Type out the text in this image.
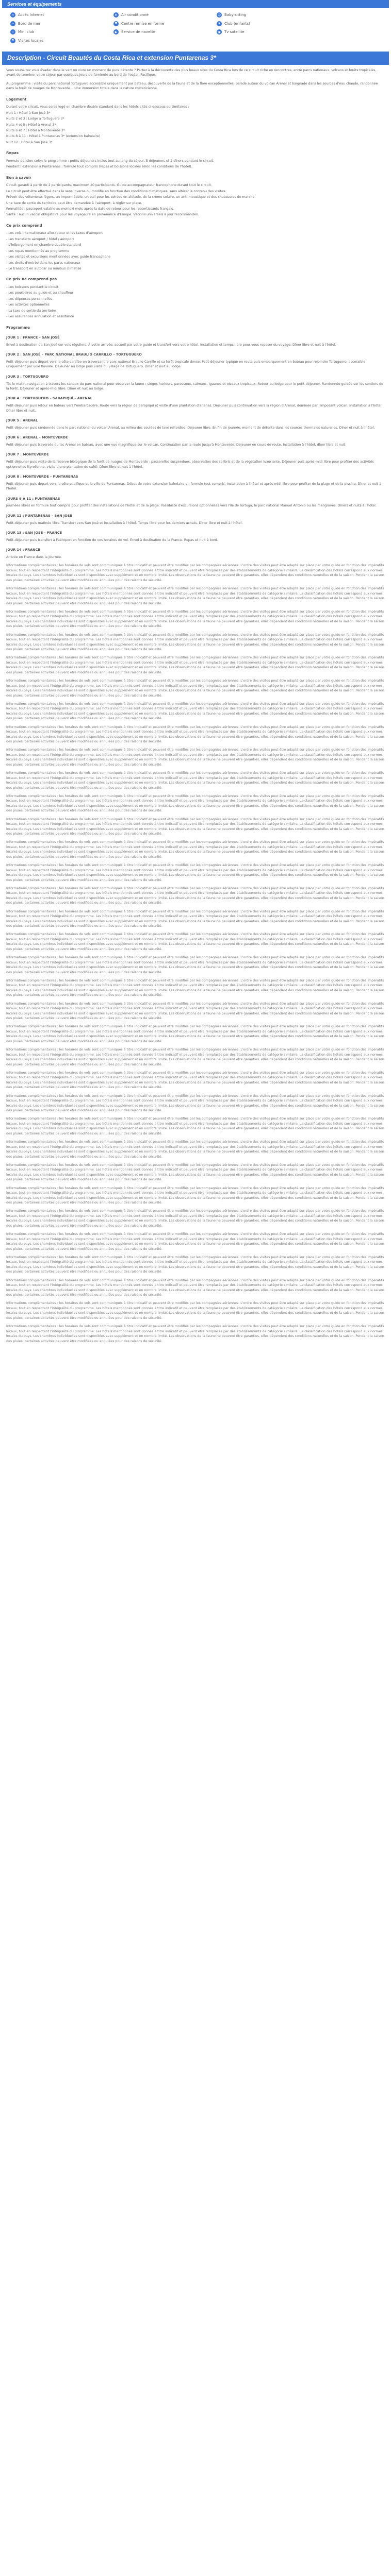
Services et équipements
≈	Accès Internet	❄	Air conditionné	☺ Baby-sitting
∼	Bord de mer	♥	Centre remise en forme	★	Club (enfants)
☆	Mini club	▶	Service de navette	▣	Tv satellite
⚑	Visites locales
Description - Circuit Beautés du Costa Rica et extension Puntarenas 3*

Vous souhaitez vous évader dans le vert ou vivre un moment de pure détente ? Partez à la découverte des plus beaux sites du Costa Rica lors de ce circuit riche en rencontres, entre parcs nationaux, volcans et forêts tropicales, avant de terminer votre séjour par quelques jours de farniente au bord de l'océan Pacifique.

Au programme : visite du parc national Tortuguero accessible uniquement par bateau, découverte de la faune et de la flore exceptionnelles, balade autour du volcan Arenal et baignade dans les sources d'eau chaude, randonnée dans la forêt de nuages de Monteverde… Une immersion totale dans la nature costaricienne.

Logement
Durant votre circuit, vous serez logé en chambre double standard dans les hôtels cités ci-dessous ou similaires :
Nuit 1 : Hôtel à San José 3*
Nuits 2 et 3 : Lodge à Tortuguero 3*
Nuits 4 et 5 : Hôtel à Arenal 3*
Nuits 6 et 7 : Hôtel à Monteverde 3*
Nuits 8 à 11 : Hôtel à Puntarenas 3* (extension balnéaire)
Nuit 12 : Hôtel à San José 3*
Repas
Formule pension selon le programme : petits-déjeuners inclus tout au long du séjour, 5 déjeuners et 2 dîners pendant le circuit.
Pendant l'extension à Puntarenas : formule tout compris (repas et boissons locales selon les conditions de l'hôtel).
Bon à savoir
Circuit garanti à partir de 2 participants, maximum 20 participants. Guide accompagnateur francophone durant tout le circuit.
Le circuit peut être effectué dans le sens inverse ou modifié en fonction des conditions climatiques, sans altérer le contenu des visites.
Prévoir des vêtements légers, un imperméable, un pull pour les soirées en altitude, de la crème solaire, un anti-moustique et des chaussures de marche.
Une taxe de sortie du territoire peut être demandée à l'aéroport, à régler sur place.
Formalités : passeport valable au moins 6 mois après la date de retour pour les ressortissants français.
Santé : aucun vaccin obligatoire pour les voyageurs en provenance d'Europe. Vaccins universels à jour recommandés.
Ce prix comprend
- Les vols internationaux aller-retour et les taxes d'aéroport
- Les transferts aéroport / hôtel / aéroport
- L'hébergement en chambre double standard
- Les repas mentionnés au programme
- Les visites et excursions mentionnées avec guide francophone
- Les droits d'entrée dans les parcs nationaux
- Le transport en autocar ou minibus climatisé
Ce prix ne comprend pas
- Les boissons pendant le circuit
- Les pourboires au guide et au chauffeur
- Les dépenses personnelles
- Les activités optionnelles
- La taxe de sortie du territoire
- Les assurances annulation et assistance
Programme
JOUR 1 : FRANCE – SAN JOSÉ

Envol à destination de San José sur vols réguliers. À votre arrivée, accueil par votre guide et transfert vers votre hôtel. Installation et temps libre pour vous reposer du voyage. Dîner libre et nuit à l'hôtel.

JOUR 2 : SAN JOSÉ – PARC NATIONAL BRAULIO CARRILLO – TORTUGUERO

Petit-déjeuner puis départ vers la côte caraïbe en traversant le parc national Braulio Carrillo et sa forêt tropicale dense. Petit-déjeuner typique en route puis embarquement en bateau pour rejoindre Tortuguero, accessible uniquement par voie fluviale. Déjeuner au lodge puis visite du village de Tortuguero. Dîner et nuit au lodge.

JOUR 3 : TORTUGUERO

Tôt le matin, navigation à travers les canaux du parc national pour observer la faune : singes hurleurs, paresseux, caïmans, iguanes et oiseaux tropicaux. Retour au lodge pour le petit-déjeuner. Randonnée guidée sur les sentiers de la forêt. Déjeuner et après-midi libre. Dîner et nuit au lodge.

JOUR 4 : TORTUGUERO – SARAPIQUÍ – ARENAL

Petit-déjeuner puis retour en bateau vers l'embarcadère. Route vers la région de Sarapiquí et visite d'une plantation d'ananas. Déjeuner puis continuation vers la région d'Arenal, dominée par l'imposant volcan. Installation à l'hôtel. Dîner libre et nuit.

JOUR 5 : ARENAL

Petit-déjeuner puis randonnée dans le parc national du volcan Arenal, au milieu des coulées de lave refroidies. Déjeuner libre. En fin de journée, moment de détente dans les sources thermales naturelles. Dîner et nuit à l'hôtel.

JOUR 6 : ARENAL – MONTEVERDE

Petit-déjeuner puis traversée du lac Arenal en bateau, avec une vue magnifique sur le volcan. Continuation par la route jusqu'à Monteverde. Déjeuner en cours de route. Installation à l'hôtel, dîner libre et nuit.

JOUR 7 : MONTEVERDE

Petit-déjeuner puis visite de la réserve biologique de la forêt de nuages de Monteverde : passerelles suspendues, observation des colibris et de la végétation luxuriante. Déjeuner puis après-midi libre pour profiter des activités optionnelles (tyrolienne, visite d'une plantation de café). Dîner libre et nuit à l'hôtel.

JOUR 8 : MONTEVERDE – PUNTARENAS

Petit-déjeuner puis départ vers la côte pacifique et la ville de Puntarenas. Début de votre extension balnéaire en formule tout compris. Installation à l'hôtel et après-midi libre pour profiter de la plage et de la piscine. Dîner et nuit à l'hôtel.

JOURS 9 À 11 : PUNTARENAS

Journées libres en formule tout compris pour profiter des installations de l'hôtel et de la plage. Possibilité d'excursions optionnelles vers l'île de Tortuga, le parc national Manuel Antonio ou les mangroves. Dîners et nuits à l'hôtel.

JOUR 12 : PUNTARENAS – SAN JOSÉ

Petit-déjeuner puis matinée libre. Transfert vers San José et installation à l'hôtel. Temps libre pour les derniers achats. Dîner libre et nuit à l'hôtel.

JOUR 13 : SAN JOSÉ – FRANCE

Petit-déjeuner puis transfert à l'aéroport en fonction de vos horaires de vol. Envol à destination de la France. Repas et nuit à bord.

JOUR 14 : FRANCE

Arrivée en France dans la journée.

Informations complémentaires : les horaires de vols sont communiqués à titre indicatif et peuvent être modifiés par les compagnies aériennes. L'ordre des visites peut être adapté sur place par votre guide en fonction des impératifs locaux, tout en respectant l'intégralité du programme. Les hôtels mentionnés sont donnés à titre indicatif et peuvent être remplacés par des établissements de catégorie similaire. La classification des hôtels correspond aux normes locales du pays. Les chambres individuelles sont disponibles avec supplément et en nombre limité. Les observations de la faune ne peuvent être garanties, elles dépendent des conditions naturelles et de la saison. Pendant la saison des pluies, certaines activités peuvent être modifiées ou annulées pour des raisons de sécurité.

Informations complémentaires : les horaires de vols sont communiqués à titre indicatif et peuvent être modifiés par les compagnies aériennes. L'ordre des visites peut être adapté sur place par votre guide en fonction des impératifs locaux, tout en respectant l'intégralité du programme. Les hôtels mentionnés sont donnés à titre indicatif et peuvent être remplacés par des établissements de catégorie similaire. La classification des hôtels correspond aux normes locales du pays. Les chambres individuelles sont disponibles avec supplément et en nombre limité. Les observations de la faune ne peuvent être garanties, elles dépendent des conditions naturelles et de la saison. Pendant la saison des pluies, certaines activités peuvent être modifiées ou annulées pour des raisons de sécurité.

Informations complémentaires : les horaires de vols sont communiqués à titre indicatif et peuvent être modifiés par les compagnies aériennes. L'ordre des visites peut être adapté sur place par votre guide en fonction des impératifs locaux, tout en respectant l'intégralité du programme. Les hôtels mentionnés sont donnés à titre indicatif et peuvent être remplacés par des établissements de catégorie similaire. La classification des hôtels correspond aux normes locales du pays. Les chambres individuelles sont disponibles avec supplément et en nombre limité. Les observations de la faune ne peuvent être garanties, elles dépendent des conditions naturelles et de la saison. Pendant la saison des pluies, certaines activités peuvent être modifiées ou annulées pour des raisons de sécurité.

Informations complémentaires : les horaires de vols sont communiqués à titre indicatif et peuvent être modifiés par les compagnies aériennes. L'ordre des visites peut être adapté sur place par votre guide en fonction des impératifs locaux, tout en respectant l'intégralité du programme. Les hôtels mentionnés sont donnés à titre indicatif et peuvent être remplacés par des établissements de catégorie similaire. La classification des hôtels correspond aux normes locales du pays. Les chambres individuelles sont disponibles avec supplément et en nombre limité. Les observations de la faune ne peuvent être garanties, elles dépendent des conditions naturelles et de la saison. Pendant la saison des pluies, certaines activités peuvent être modifiées ou annulées pour des raisons de sécurité.

Informations complémentaires : les horaires de vols sont communiqués à titre indicatif et peuvent être modifiés par les compagnies aériennes. L'ordre des visites peut être adapté sur place par votre guide en fonction des impératifs locaux, tout en respectant l'intégralité du programme. Les hôtels mentionnés sont donnés à titre indicatif et peuvent être remplacés par des établissements de catégorie similaire. La classification des hôtels correspond aux normes locales du pays. Les chambres individuelles sont disponibles avec supplément et en nombre limité. Les observations de la faune ne peuvent être garanties, elles dépendent des conditions naturelles et de la saison. Pendant la saison des pluies, certaines activités peuvent être modifiées ou annulées pour des raisons de sécurité.

Informations complémentaires : les horaires de vols sont communiqués à titre indicatif et peuvent être modifiés par les compagnies aériennes. L'ordre des visites peut être adapté sur place par votre guide en fonction des impératifs locaux, tout en respectant l'intégralité du programme. Les hôtels mentionnés sont donnés à titre indicatif et peuvent être remplacés par des établissements de catégorie similaire. La classification des hôtels correspond aux normes locales du pays. Les chambres individuelles sont disponibles avec supplément et en nombre limité. Les observations de la faune ne peuvent être garanties, elles dépendent des conditions naturelles et de la saison. Pendant la saison des pluies, certaines activités peuvent être modifiées ou annulées pour des raisons de sécurité.

Informations complémentaires : les horaires de vols sont communiqués à titre indicatif et peuvent être modifiés par les compagnies aériennes. L'ordre des visites peut être adapté sur place par votre guide en fonction des impératifs locaux, tout en respectant l'intégralité du programme. Les hôtels mentionnés sont donnés à titre indicatif et peuvent être remplacés par des établissements de catégorie similaire. La classification des hôtels correspond aux normes locales du pays. Les chambres individuelles sont disponibles avec supplément et en nombre limité. Les observations de la faune ne peuvent être garanties, elles dépendent des conditions naturelles et de la saison. Pendant la saison des pluies, certaines activités peuvent être modifiées ou annulées pour des raisons de sécurité.

Informations complémentaires : les horaires de vols sont communiqués à titre indicatif et peuvent être modifiés par les compagnies aériennes. L'ordre des visites peut être adapté sur place par votre guide en fonction des impératifs locaux, tout en respectant l'intégralité du programme. Les hôtels mentionnés sont donnés à titre indicatif et peuvent être remplacés par des établissements de catégorie similaire. La classification des hôtels correspond aux normes locales du pays. Les chambres individuelles sont disponibles avec supplément et en nombre limité. Les observations de la faune ne peuvent être garanties, elles dépendent des conditions naturelles et de la saison. Pendant la saison des pluies, certaines activités peuvent être modifiées ou annulées pour des raisons de sécurité.

Informations complémentaires : les horaires de vols sont communiqués à titre indicatif et peuvent être modifiés par les compagnies aériennes. L'ordre des visites peut être adapté sur place par votre guide en fonction des impératifs locaux, tout en respectant l'intégralité du programme. Les hôtels mentionnés sont donnés à titre indicatif et peuvent être remplacés par des établissements de catégorie similaire. La classification des hôtels correspond aux normes locales du pays. Les chambres individuelles sont disponibles avec supplément et en nombre limité. Les observations de la faune ne peuvent être garanties, elles dépendent des conditions naturelles et de la saison. Pendant la saison des pluies, certaines activités peuvent être modifiées ou annulées pour des raisons de sécurité.

Informations complémentaires : les horaires de vols sont communiqués à titre indicatif et peuvent être modifiés par les compagnies aériennes. L'ordre des visites peut être adapté sur place par votre guide en fonction des impératifs locaux, tout en respectant l'intégralité du programme. Les hôtels mentionnés sont donnés à titre indicatif et peuvent être remplacés par des établissements de catégorie similaire. La classification des hôtels correspond aux normes locales du pays. Les chambres individuelles sont disponibles avec supplément et en nombre limité. Les observations de la faune ne peuvent être garanties, elles dépendent des conditions naturelles et de la saison. Pendant la saison des pluies, certaines activités peuvent être modifiées ou annulées pour des raisons de sécurité.

Informations complémentaires : les horaires de vols sont communiqués à titre indicatif et peuvent être modifiés par les compagnies aériennes. L'ordre des visites peut être adapté sur place par votre guide en fonction des impératifs locaux, tout en respectant l'intégralité du programme. Les hôtels mentionnés sont donnés à titre indicatif et peuvent être remplacés par des établissements de catégorie similaire. La classification des hôtels correspond aux normes locales du pays. Les chambres individuelles sont disponibles avec supplément et en nombre limité. Les observations de la faune ne peuvent être garanties, elles dépendent des conditions naturelles et de la saison. Pendant la saison des pluies, certaines activités peuvent être modifiées ou annulées pour des raisons de sécurité.

Informations complémentaires : les horaires de vols sont communiqués à titre indicatif et peuvent être modifiés par les compagnies aériennes. L'ordre des visites peut être adapté sur place par votre guide en fonction des impératifs locaux, tout en respectant l'intégralité du programme. Les hôtels mentionnés sont donnés à titre indicatif et peuvent être remplacés par des établissements de catégorie similaire. La classification des hôtels correspond aux normes locales du pays. Les chambres individuelles sont disponibles avec supplément et en nombre limité. Les observations de la faune ne peuvent être garanties, elles dépendent des conditions naturelles et de la saison. Pendant la saison des pluies, certaines activités peuvent être modifiées ou annulées pour des raisons de sécurité.

Informations complémentaires : les horaires de vols sont communiqués à titre indicatif et peuvent être modifiés par les compagnies aériennes. L'ordre des visites peut être adapté sur place par votre guide en fonction des impératifs locaux, tout en respectant l'intégralité du programme. Les hôtels mentionnés sont donnés à titre indicatif et peuvent être remplacés par des établissements de catégorie similaire. La classification des hôtels correspond aux normes locales du pays. Les chambres individuelles sont disponibles avec supplément et en nombre limité. Les observations de la faune ne peuvent être garanties, elles dépendent des conditions naturelles et de la saison. Pendant la saison des pluies, certaines activités peuvent être modifiées ou annulées pour des raisons de sécurité.

Informations complémentaires : les horaires de vols sont communiqués à titre indicatif et peuvent être modifiés par les compagnies aériennes. L'ordre des visites peut être adapté sur place par votre guide en fonction des impératifs locaux, tout en respectant l'intégralité du programme. Les hôtels mentionnés sont donnés à titre indicatif et peuvent être remplacés par des établissements de catégorie similaire. La classification des hôtels correspond aux normes locales du pays. Les chambres individuelles sont disponibles avec supplément et en nombre limité. Les observations de la faune ne peuvent être garanties, elles dépendent des conditions naturelles et de la saison. Pendant la saison des pluies, certaines activités peuvent être modifiées ou annulées pour des raisons de sécurité.

Informations complémentaires : les horaires de vols sont communiqués à titre indicatif et peuvent être modifiés par les compagnies aériennes. L'ordre des visites peut être adapté sur place par votre guide en fonction des impératifs locaux, tout en respectant l'intégralité du programme. Les hôtels mentionnés sont donnés à titre indicatif et peuvent être remplacés par des établissements de catégorie similaire. La classification des hôtels correspond aux normes locales du pays. Les chambres individuelles sont disponibles avec supplément et en nombre limité. Les observations de la faune ne peuvent être garanties, elles dépendent des conditions naturelles et de la saison. Pendant la saison des pluies, certaines activités peuvent être modifiées ou annulées pour des raisons de sécurité.

Informations complémentaires : les horaires de vols sont communiqués à titre indicatif et peuvent être modifiés par les compagnies aériennes. L'ordre des visites peut être adapté sur place par votre guide en fonction des impératifs locaux, tout en respectant l'intégralité du programme. Les hôtels mentionnés sont donnés à titre indicatif et peuvent être remplacés par des établissements de catégorie similaire. La classification des hôtels correspond aux normes locales du pays. Les chambres individuelles sont disponibles avec supplément et en nombre limité. Les observations de la faune ne peuvent être garanties, elles dépendent des conditions naturelles et de la saison. Pendant la saison des pluies, certaines activités peuvent être modifiées ou annulées pour des raisons de sécurité.

Informations complémentaires : les horaires de vols sont communiqués à titre indicatif et peuvent être modifiés par les compagnies aériennes. L'ordre des visites peut être adapté sur place par votre guide en fonction des impératifs locaux, tout en respectant l'intégralité du programme. Les hôtels mentionnés sont donnés à titre indicatif et peuvent être remplacés par des établissements de catégorie similaire. La classification des hôtels correspond aux normes locales du pays. Les chambres individuelles sont disponibles avec supplément et en nombre limité. Les observations de la faune ne peuvent être garanties, elles dépendent des conditions naturelles et de la saison. Pendant la saison des pluies, certaines activités peuvent être modifiées ou annulées pour des raisons de sécurité.

Informations complémentaires : les horaires de vols sont communiqués à titre indicatif et peuvent être modifiés par les compagnies aériennes. L'ordre des visites peut être adapté sur place par votre guide en fonction des impératifs locaux, tout en respectant l'intégralité du programme. Les hôtels mentionnés sont donnés à titre indicatif et peuvent être remplacés par des établissements de catégorie similaire. La classification des hôtels correspond aux normes locales du pays. Les chambres individuelles sont disponibles avec supplément et en nombre limité. Les observations de la faune ne peuvent être garanties, elles dépendent des conditions naturelles et de la saison. Pendant la saison des pluies, certaines activités peuvent être modifiées ou annulées pour des raisons de sécurité.

Informations complémentaires : les horaires de vols sont communiqués à titre indicatif et peuvent être modifiés par les compagnies aériennes. L'ordre des visites peut être adapté sur place par votre guide en fonction des impératifs locaux, tout en respectant l'intégralité du programme. Les hôtels mentionnés sont donnés à titre indicatif et peuvent être remplacés par des établissements de catégorie similaire. La classification des hôtels correspond aux normes locales du pays. Les chambres individuelles sont disponibles avec supplément et en nombre limité. Les observations de la faune ne peuvent être garanties, elles dépendent des conditions naturelles et de la saison. Pendant la saison des pluies, certaines activités peuvent être modifiées ou annulées pour des raisons de sécurité.

Informations complémentaires : les horaires de vols sont communiqués à titre indicatif et peuvent être modifiés par les compagnies aériennes. L'ordre des visites peut être adapté sur place par votre guide en fonction des impératifs locaux, tout en respectant l'intégralité du programme. Les hôtels mentionnés sont donnés à titre indicatif et peuvent être remplacés par des établissements de catégorie similaire. La classification des hôtels correspond aux normes locales du pays. Les chambres individuelles sont disponibles avec supplément et en nombre limité. Les observations de la faune ne peuvent être garanties, elles dépendent des conditions naturelles et de la saison. Pendant la saison des pluies, certaines activités peuvent être modifiées ou annulées pour des raisons de sécurité.

Informations complémentaires : les horaires de vols sont communiqués à titre indicatif et peuvent être modifiés par les compagnies aériennes. L'ordre des visites peut être adapté sur place par votre guide en fonction des impératifs locaux, tout en respectant l'intégralité du programme. Les hôtels mentionnés sont donnés à titre indicatif et peuvent être remplacés par des établissements de catégorie similaire. La classification des hôtels correspond aux normes locales du pays. Les chambres individuelles sont disponibles avec supplément et en nombre limité. Les observations de la faune ne peuvent être garanties, elles dépendent des conditions naturelles et de la saison. Pendant la saison des pluies, certaines activités peuvent être modifiées ou annulées pour des raisons de sécurité.

Informations complémentaires : les horaires de vols sont communiqués à titre indicatif et peuvent être modifiés par les compagnies aériennes. L'ordre des visites peut être adapté sur place par votre guide en fonction des impératifs locaux, tout en respectant l'intégralité du programme. Les hôtels mentionnés sont donnés à titre indicatif et peuvent être remplacés par des établissements de catégorie similaire. La classification des hôtels correspond aux normes locales du pays. Les chambres individuelles sont disponibles avec supplément et en nombre limité. Les observations de la faune ne peuvent être garanties, elles dépendent des conditions naturelles et de la saison. Pendant la saison des pluies, certaines activités peuvent être modifiées ou annulées pour des raisons de sécurité.

Informations complémentaires : les horaires de vols sont communiqués à titre indicatif et peuvent être modifiés par les compagnies aériennes. L'ordre des visites peut être adapté sur place par votre guide en fonction des impératifs locaux, tout en respectant l'intégralité du programme. Les hôtels mentionnés sont donnés à titre indicatif et peuvent être remplacés par des établissements de catégorie similaire. La classification des hôtels correspond aux normes locales du pays. Les chambres individuelles sont disponibles avec supplément et en nombre limité. Les observations de la faune ne peuvent être garanties, elles dépendent des conditions naturelles et de la saison. Pendant la saison des pluies, certaines activités peuvent être modifiées ou annulées pour des raisons de sécurité.

Informations complémentaires : les horaires de vols sont communiqués à titre indicatif et peuvent être modifiés par les compagnies aériennes. L'ordre des visites peut être adapté sur place par votre guide en fonction des impératifs locaux, tout en respectant l'intégralité du programme. Les hôtels mentionnés sont donnés à titre indicatif et peuvent être remplacés par des établissements de catégorie similaire. La classification des hôtels correspond aux normes locales du pays. Les chambres individuelles sont disponibles avec supplément et en nombre limité. Les observations de la faune ne peuvent être garanties, elles dépendent des conditions naturelles et de la saison. Pendant la saison des pluies, certaines activités peuvent être modifiées ou annulées pour des raisons de sécurité.

Informations complémentaires : les horaires de vols sont communiqués à titre indicatif et peuvent être modifiés par les compagnies aériennes. L'ordre des visites peut être adapté sur place par votre guide en fonction des impératifs locaux, tout en respectant l'intégralité du programme. Les hôtels mentionnés sont donnés à titre indicatif et peuvent être remplacés par des établissements de catégorie similaire. La classification des hôtels correspond aux normes locales du pays. Les chambres individuelles sont disponibles avec supplément et en nombre limité. Les observations de la faune ne peuvent être garanties, elles dépendent des conditions naturelles et de la saison. Pendant la saison des pluies, certaines activités peuvent être modifiées ou annulées pour des raisons de sécurité.

Informations complémentaires : les horaires de vols sont communiqués à titre indicatif et peuvent être modifiés par les compagnies aériennes. L'ordre des visites peut être adapté sur place par votre guide en fonction des impératifs locaux, tout en respectant l'intégralité du programme. Les hôtels mentionnés sont donnés à titre indicatif et peuvent être remplacés par des établissements de catégorie similaire. La classification des hôtels correspond aux normes locales du pays. Les chambres individuelles sont disponibles avec supplément et en nombre limité. Les observations de la faune ne peuvent être garanties, elles dépendent des conditions naturelles et de la saison. Pendant la saison des pluies, certaines activités peuvent être modifiées ou annulées pour des raisons de sécurité.

Informations complémentaires : les horaires de vols sont communiqués à titre indicatif et peuvent être modifiés par les compagnies aériennes. L'ordre des visites peut être adapté sur place par votre guide en fonction des impératifs locaux, tout en respectant l'intégralité du programme. Les hôtels mentionnés sont donnés à titre indicatif et peuvent être remplacés par des établissements de catégorie similaire. La classification des hôtels correspond aux normes locales du pays. Les chambres individuelles sont disponibles avec supplément et en nombre limité. Les observations de la faune ne peuvent être garanties, elles dépendent des conditions naturelles et de la saison. Pendant la saison des pluies, certaines activités peuvent être modifiées ou annulées pour des raisons de sécurité.

Informations complémentaires : les horaires de vols sont communiqués à titre indicatif et peuvent être modifiés par les compagnies aériennes. L'ordre des visites peut être adapté sur place par votre guide en fonction des impératifs locaux, tout en respectant l'intégralité du programme. Les hôtels mentionnés sont donnés à titre indicatif et peuvent être remplacés par des établissements de catégorie similaire. La classification des hôtels correspond aux normes locales du pays. Les chambres individuelles sont disponibles avec supplément et en nombre limité. Les observations de la faune ne peuvent être garanties, elles dépendent des conditions naturelles et de la saison. Pendant la saison des pluies, certaines activités peuvent être modifiées ou annulées pour des raisons de sécurité.

Informations complémentaires : les horaires de vols sont communiqués à titre indicatif et peuvent être modifiés par les compagnies aériennes. L'ordre des visites peut être adapté sur place par votre guide en fonction des impératifs locaux, tout en respectant l'intégralité du programme. Les hôtels mentionnés sont donnés à titre indicatif et peuvent être remplacés par des établissements de catégorie similaire. La classification des hôtels correspond aux normes locales du pays. Les chambres individuelles sont disponibles avec supplément et en nombre limité. Les observations de la faune ne peuvent être garanties, elles dépendent des conditions naturelles et de la saison. Pendant la saison des pluies, certaines activités peuvent être modifiées ou annulées pour des raisons de sécurité.

Informations complémentaires : les horaires de vols sont communiqués à titre indicatif et peuvent être modifiés par les compagnies aériennes. L'ordre des visites peut être adapté sur place par votre guide en fonction des impératifs locaux, tout en respectant l'intégralité du programme. Les hôtels mentionnés sont donnés à titre indicatif et peuvent être remplacés par des établissements de catégorie similaire. La classification des hôtels correspond aux normes locales du pays. Les chambres individuelles sont disponibles avec supplément et en nombre limité. Les observations de la faune ne peuvent être garanties, elles dépendent des conditions naturelles et de la saison. Pendant la saison des pluies, certaines activités peuvent être modifiées ou annulées pour des raisons de sécurité.

Informations complémentaires : les horaires de vols sont communiqués à titre indicatif et peuvent être modifiés par les compagnies aériennes. L'ordre des visites peut être adapté sur place par votre guide en fonction des impératifs locaux, tout en respectant l'intégralité du programme. Les hôtels mentionnés sont donnés à titre indicatif et peuvent être remplacés par des établissements de catégorie similaire. La classification des hôtels correspond aux normes locales du pays. Les chambres individuelles sont disponibles avec supplément et en nombre limité. Les observations de la faune ne peuvent être garanties, elles dépendent des conditions naturelles et de la saison. Pendant la saison des pluies, certaines activités peuvent être modifiées ou annulées pour des raisons de sécurité.

Informations complémentaires : les horaires de vols sont communiqués à titre indicatif et peuvent être modifiés par les compagnies aériennes. L'ordre des visites peut être adapté sur place par votre guide en fonction des impératifs locaux, tout en respectant l'intégralité du programme. Les hôtels mentionnés sont donnés à titre indicatif et peuvent être remplacés par des établissements de catégorie similaire. La classification des hôtels correspond aux normes locales du pays. Les chambres individuelles sont disponibles avec supplément et en nombre limité. Les observations de la faune ne peuvent être garanties, elles dépendent des conditions naturelles et de la saison. Pendant la saison des pluies, certaines activités peuvent être modifiées ou annulées pour des raisons de sécurité.

Informations complémentaires : les horaires de vols sont communiqués à titre indicatif et peuvent être modifiés par les compagnies aériennes. L'ordre des visites peut être adapté sur place par votre guide en fonction des impératifs locaux, tout en respectant l'intégralité du programme. Les hôtels mentionnés sont donnés à titre indicatif et peuvent être remplacés par des établissements de catégorie similaire. La classification des hôtels correspond aux normes locales du pays. Les chambres individuelles sont disponibles avec supplément et en nombre limité. Les observations de la faune ne peuvent être garanties, elles dépendent des conditions naturelles et de la saison. Pendant la saison des pluies, certaines activités peuvent être modifiées ou annulées pour des raisons de sécurité.

Informations complémentaires : les horaires de vols sont communiqués à titre indicatif et peuvent être modifiés par les compagnies aériennes. L'ordre des visites peut être adapté sur place par votre guide en fonction des impératifs locaux, tout en respectant l'intégralité du programme. Les hôtels mentionnés sont donnés à titre indicatif et peuvent être remplacés par des établissements de catégorie similaire. La classification des hôtels correspond aux normes locales du pays. Les chambres individuelles sont disponibles avec supplément et en nombre limité. Les observations de la faune ne peuvent être garanties, elles dépendent des conditions naturelles et de la saison. Pendant la saison des pluies, certaines activités peuvent être modifiées ou annulées pour des raisons de sécurité.
